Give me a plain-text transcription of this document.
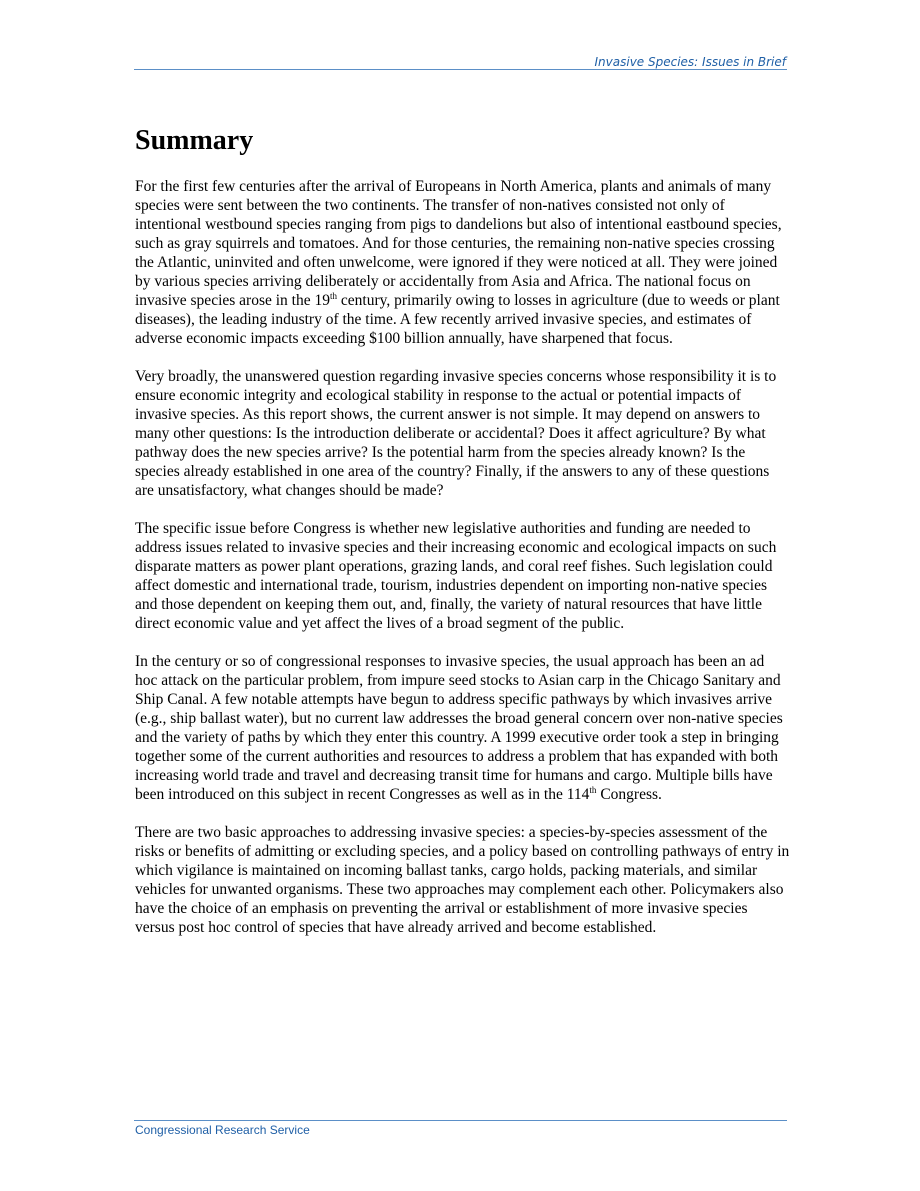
Invasive Species: Issues in Brief
Summary

For the first few centuries after the arrival of Europeans in North America, plants and animals of many species were sent between the two continents. The transfer of non-natives consisted not only of intentional westbound species ranging from pigs to dandelions but also of intentional eastbound species, such as gray squirrels and tomatoes. And for those centuries, the remaining non-native species crossing the Atlantic, uninvited and often unwelcome, were ignored if they were noticed at all. They were joined by various species arriving deliberately or accidentally from Asia and Africa. The national focus on invasive species arose in the 19th century, primarily owing to losses in agriculture (due to weeds or plant diseases), the leading industry of the time. A few recently arrived invasive species, and estimates of adverse economic impacts exceeding $100 billion annually, have sharpened that focus.

Very broadly, the unanswered question regarding invasive species concerns whose responsibility it is to ensure economic integrity and ecological stability in response to the actual or potential impacts of invasive species. As this report shows, the current answer is not simple. It may depend on answers to many other questions: Is the introduction deliberate or accidental? Does it affect agriculture? By what pathway does the new species arrive? Is the potential harm from the species already known? Is the species already established in one area of the country? Finally, if the answers to any of these questions are unsatisfactory, what changes should be made?

The specific issue before Congress is whether new legislative authorities and funding are needed to address issues related to invasive species and their increasing economic and ecological impacts on such disparate matters as power plant operations, grazing lands, and coral reef fishes. Such legislation could affect domestic and international trade, tourism, industries dependent on importing non-native species and those dependent on keeping them out, and, finally, the variety of natural resources that have little direct economic value and yet affect the lives of a broad segment of the public.

In the century or so of congressional responses to invasive species, the usual approach has been an ad hoc attack on the particular problem, from impure seed stocks to Asian carp in the Chicago Sanitary and Ship Canal. A few notable attempts have begun to address specific pathways by which invasives arrive (e.g., ship ballast water), but no current law addresses the broad general concern over non-native species and the variety of paths by which they enter this country. A 1999 executive order took a step in bringing together some of the current authorities and resources to address a problem that has expanded with both increasing world trade and travel and decreasing transit time for humans and cargo. Multiple bills have been introduced on this subject in recent Congresses as well as in the 114th Congress.

There are two basic approaches to addressing invasive species: a species-by-species assessment of the risks or benefits of admitting or excluding species, and a policy based on controlling pathways of entry in which vigilance is maintained on incoming ballast tanks, cargo holds, packing materials, and similar vehicles for unwanted organisms. These two approaches may complement each other. Policymakers also have the choice of an emphasis on preventing the arrival or establishment of more invasive species versus post hoc control of species that have already arrived and become established.

Congressional Research Service
